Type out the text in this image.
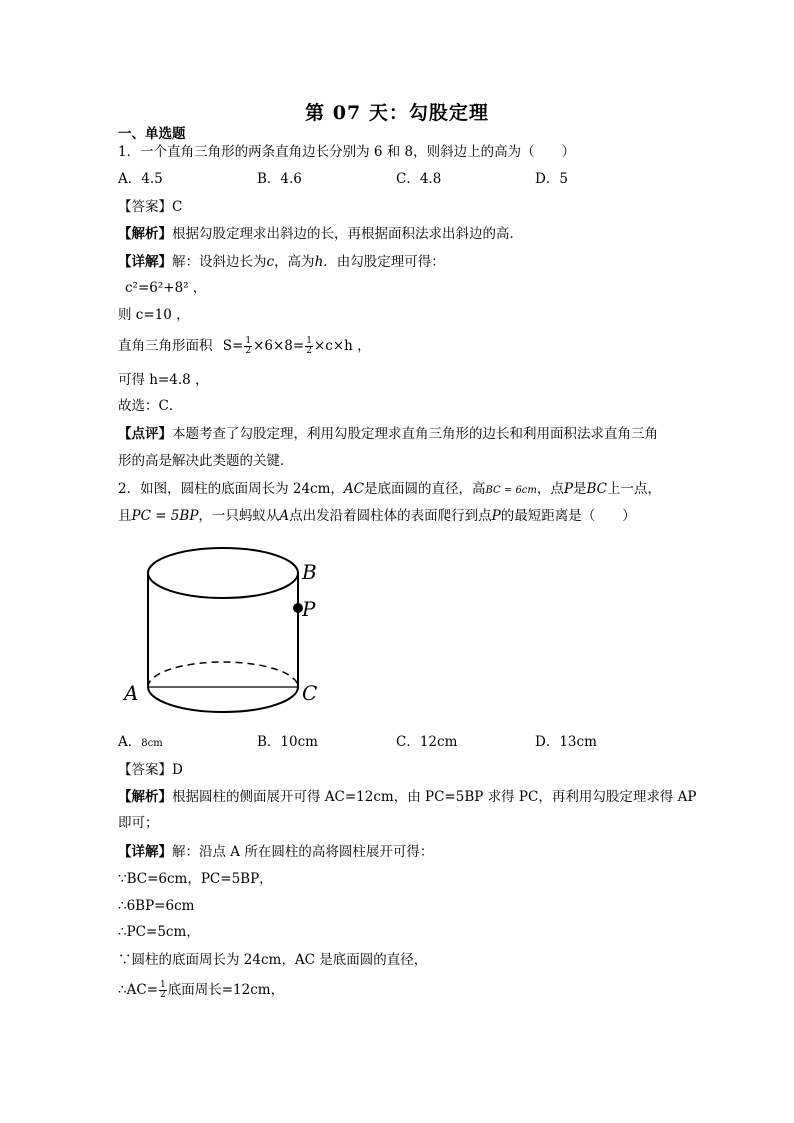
第 07 天：勾股定理
一、单选题
1．一个直角三角形的两条直角边长分别为 6 和 8，则斜边上的高为（　　）
A．4.5	B．4.6	C．4.8	D．5
【答案】C
【解析】根据勾股定理求出斜边的长，再根据面积法求出斜边的高．
【详解】解：设斜边长为c，高为h．由勾股定理可得：
c²=6²+8² ，
则 c=10 ，
直角三角形面积 $S= \frac{1}{2} \times 6\times 8= \frac{1}{2} \times c\times h$ ，
可得 h=4.8 ，
故选：C．
【点评】本题考查了勾股定理，利用勾股定理求直角三角形的边长和利用面积法求直角三角
形的高是解决此类题的关键．
2．如图，圆柱的底面周长为 24cm，AC是底面圆的直径，高BC = 6cm，点P是BC上一点，
且PC = 5BP，一只蚂蚁从A点出发沿着圆柱体的表面爬行到点P的最短距离是（　　）
B
P
A	C
A．8cm	B．10cm	C．12cm	D．13cm
【答案】D
【解析】根据圆柱的侧面展开可得 AC=12cm，由 PC=5BP 求得 PC，再利用勾股定理求得 AP
即可；
【详解】解：沿点 A 所在圆柱的高将圆柱展开可得：
∵BC=6cm，PC=5BP，
∴6BP=6cm
∴PC=5cm，
∵圆柱的底面周长为 24cm，AC 是底面圆的直径，
∴AC= $\frac{1}{2}$ 底面周长=12cm，
